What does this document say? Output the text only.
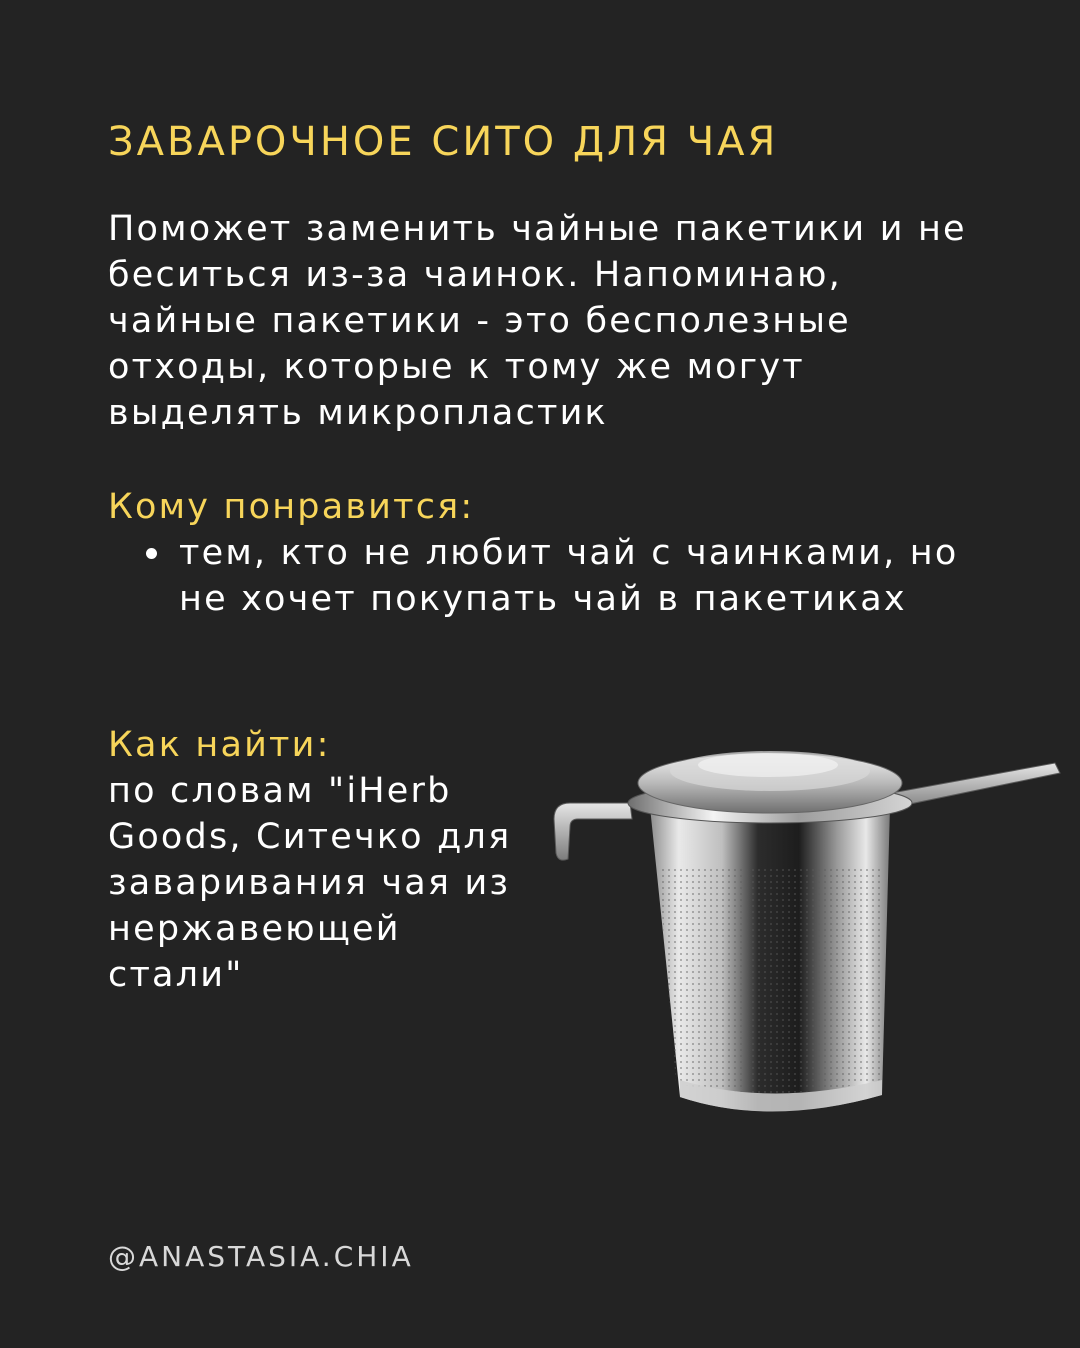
ЗАВАРОЧНОЕ СИТО ДЛЯ ЧАЯ

Поможет заменить чайные пакетики и не беситься из-за чаинок. Напоминаю, чайные пакетики - это бесполезные отходы, которые к тому же могут выделять микропластик

Кому понравится:
тем, кто не любит чай с чаинками, но не хочет покупать чай в пакетиках
Как найти:

по словам "iHerb Goods, Ситечко для заваривания чая из нержавеющей стали"

@ANASTASIA.CHIA
